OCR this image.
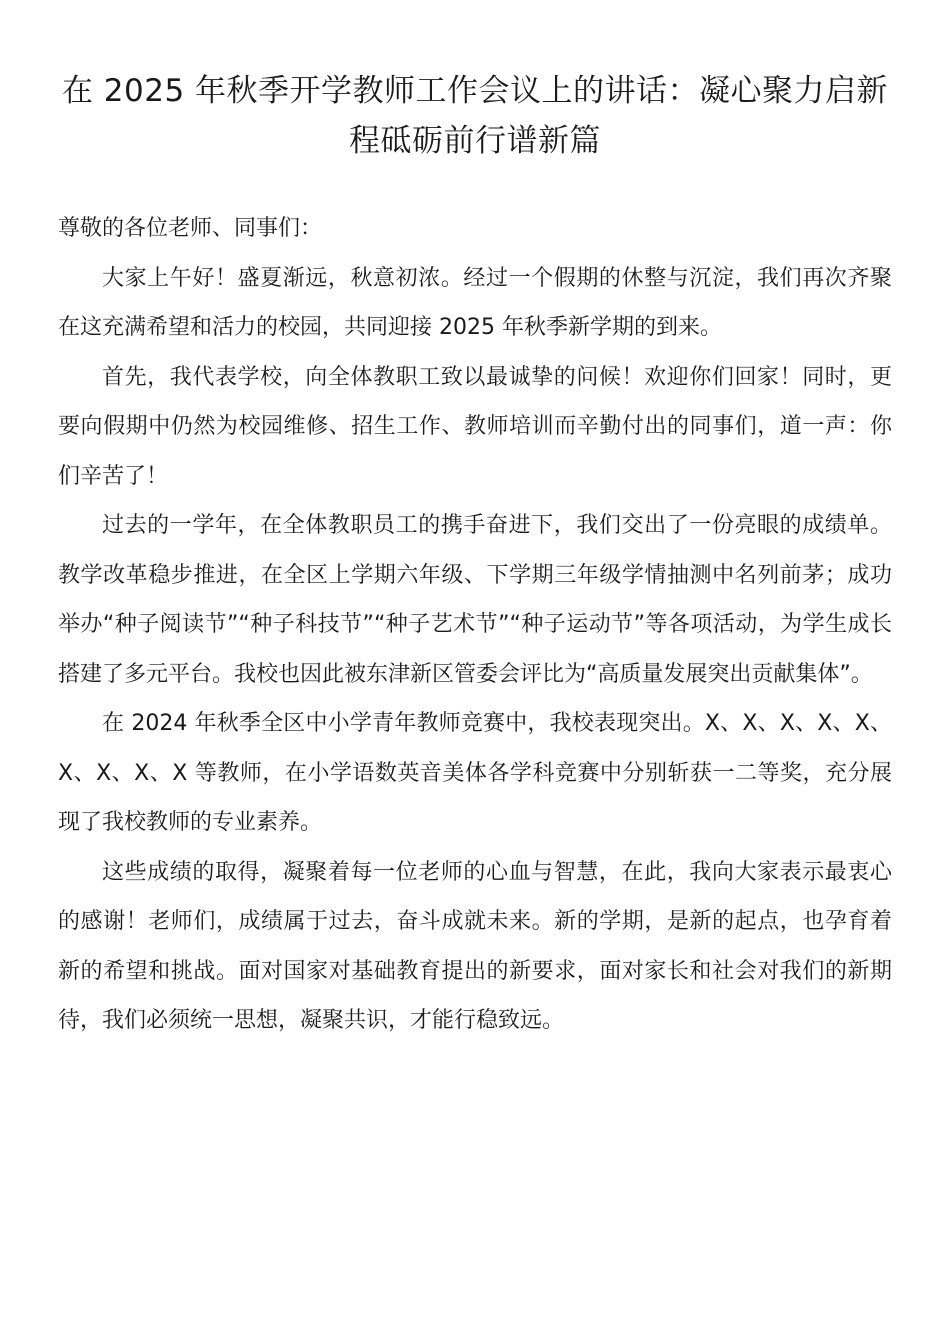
在 2025 年秋季开学教师工作会议上的讲话：凝心聚力启新程砥砺前行谱新篇

尊敬的各位老师、同事们：

大家上午好！盛夏渐远，秋意初浓。经过一个假期的休整与沉淀，我们再次齐聚在这充满希望和活力的校园，共同迎接 2025 年秋季新学期的到来。

首先，我代表学校，向全体教职工致以最诚挚的问候！欢迎你们回家！同时，更要向假期中仍然为校园维修、招生工作、教师培训而辛勤付出的同事们，道一声：你们辛苦了！

过去的一学年，在全体教职员工的携手奋进下，我们交出了一份亮眼的成绩单。教学改革稳步推进，在全区上学期六年级、下学期三年级学情抽测中名列前茅；成功举办“种子阅读节”“种子科技节”“种子艺术节”“种子运动节”等各项活动，为学生成长搭建了多元平台。我校也因此被东津新区管委会评比为“高质量发展突出贡献集体”。

在 2024 年秋季全区中小学青年教师竞赛中，我校表现突出。X、X、X、X、X、X、X、X、X 等教师，在小学语数英音美体各学科竞赛中分别斩获一二等奖，充分展现了我校教师的专业素养。

这些成绩的取得，凝聚着每一位老师的心血与智慧，在此，我向大家表示最衷心的感谢！老师们，成绩属于过去，奋斗成就未来。新的学期，是新的起点，也孕育着新的希望和挑战。面对国家对基础教育提出的新要求，面对家长和社会对我们的新期待，我们必须统一思想，凝聚共识，才能行稳致远。
